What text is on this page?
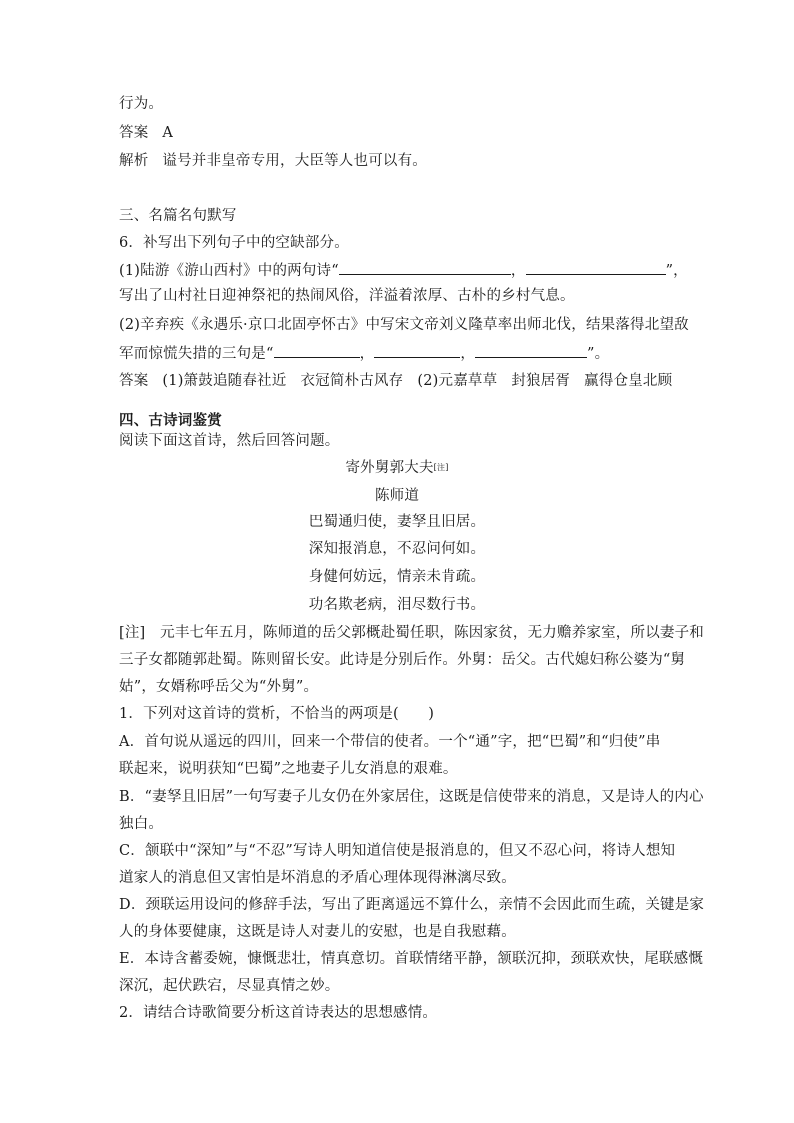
行为。
答案 A
解析 谥号并非皇帝专用，大臣等人也可以有。
三、名篇名句默写
6．补写出下列句子中的空缺部分。
(1)陆游《游山西村》中的两句诗“	，	”，
写出了山村社日迎神祭祀的热闹风俗，洋溢着浓厚、古朴的乡村气息。
(2)辛弃疾《永遇乐·京口北固亭怀古》中写宋文帝刘义隆草率出师北伐，结果落得北望敌
军而惊慌失措的三句是“	，	，	”。
答案 (1)箫鼓追随春社近 衣冠简朴古风存 (2)元嘉草草 封狼居胥 赢得仓皇北顾
四、古诗词鉴赏
阅读下面这首诗，然后回答问题。
寄外舅郭大夫[注]
陈师道
巴蜀通归使，妻孥且旧居。
深知报消息，不忍问何如。
身健何妨远，情亲未肯疏。
功名欺老病，泪尽数行书。
[注]　元丰七年五月，陈师道的岳父郭概赴蜀任职，陈因家贫，无力赡养家室，所以妻子和
三子女都随郭赴蜀。陈则留长安。此诗是分别后作。外舅：岳父。古代媳妇称公婆为“舅
姑”，女婿称呼岳父为“外舅”。
1．下列对这首诗的赏析，不恰当的两项是(　　)
A．首句说从遥远的四川，回来一个带信的使者。一个“通”字，把“巴蜀”和“归使”串
联起来，说明获知“巴蜀”之地妻子儿女消息的艰难。
B．“妻孥且旧居”一句写妻子儿女仍在外家居住，这既是信使带来的消息，又是诗人的内心
独白。
C．颔联中“深知”与“不忍”写诗人明知道信使是报消息的，但又不忍心问，将诗人想知
道家人的消息但又害怕是坏消息的矛盾心理体现得淋漓尽致。
D．颈联运用设问的修辞手法，写出了距离遥远不算什么，亲情不会因此而生疏，关键是家
人的身体要健康，这既是诗人对妻儿的安慰，也是自我慰藉。
E．本诗含蓄委婉，慷慨悲壮，情真意切。首联情绪平静，颔联沉抑，颈联欢快，尾联感慨
深沉，起伏跌宕，尽显真情之妙。
2．请结合诗歌简要分析这首诗表达的思想感情。
